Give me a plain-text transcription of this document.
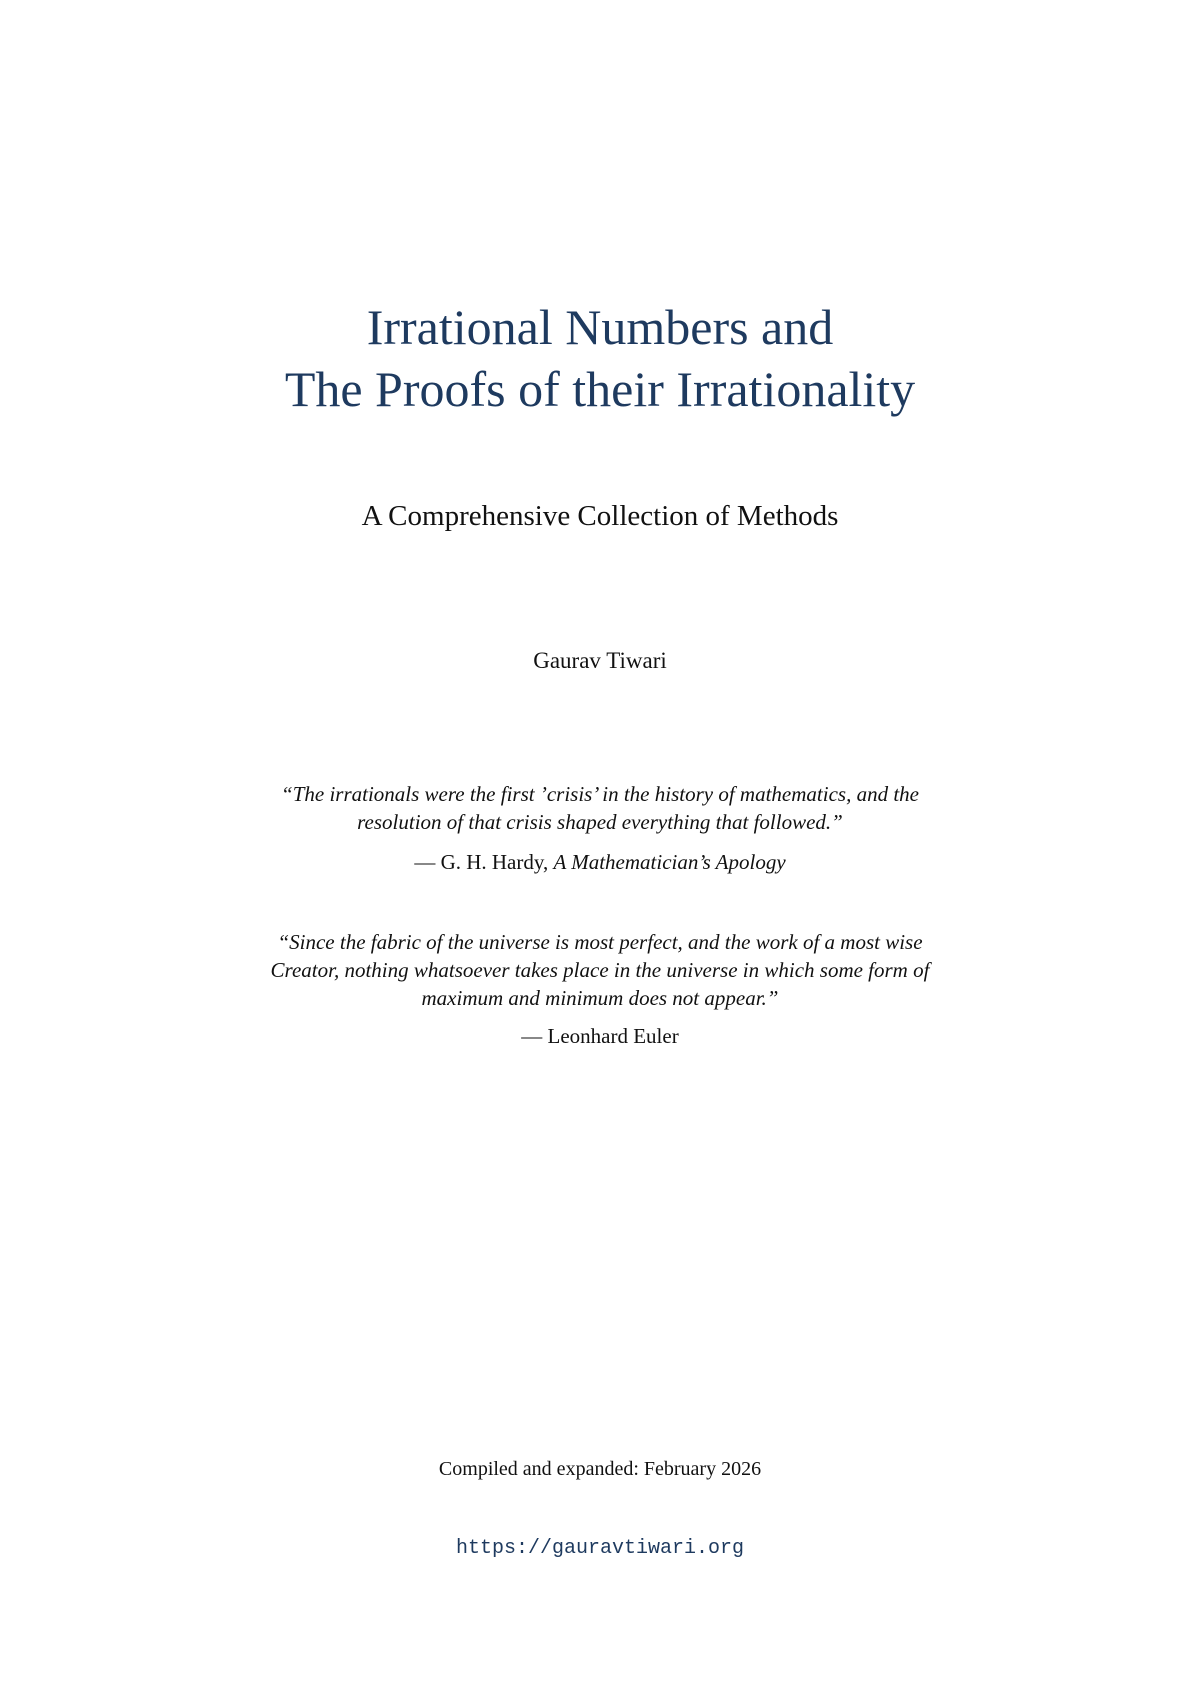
Irrational Numbers and
The Proofs of their Irrationality
A Comprehensive Collection of Methods
Gaurav Tiwari
“The irrationals were the first ’crisis’ in the history of mathematics, and the
resolution of that crisis shaped everything that followed.”
— G. H. Hardy, A Mathematician’s Apology
“Since the fabric of the universe is most perfect, and the work of a most wise
Creator, nothing whatsoever takes place in the universe in which some form of
maximum and minimum does not appear.”
— Leonhard Euler
Compiled and expanded: February 2026
https://gauravtiwari.org
